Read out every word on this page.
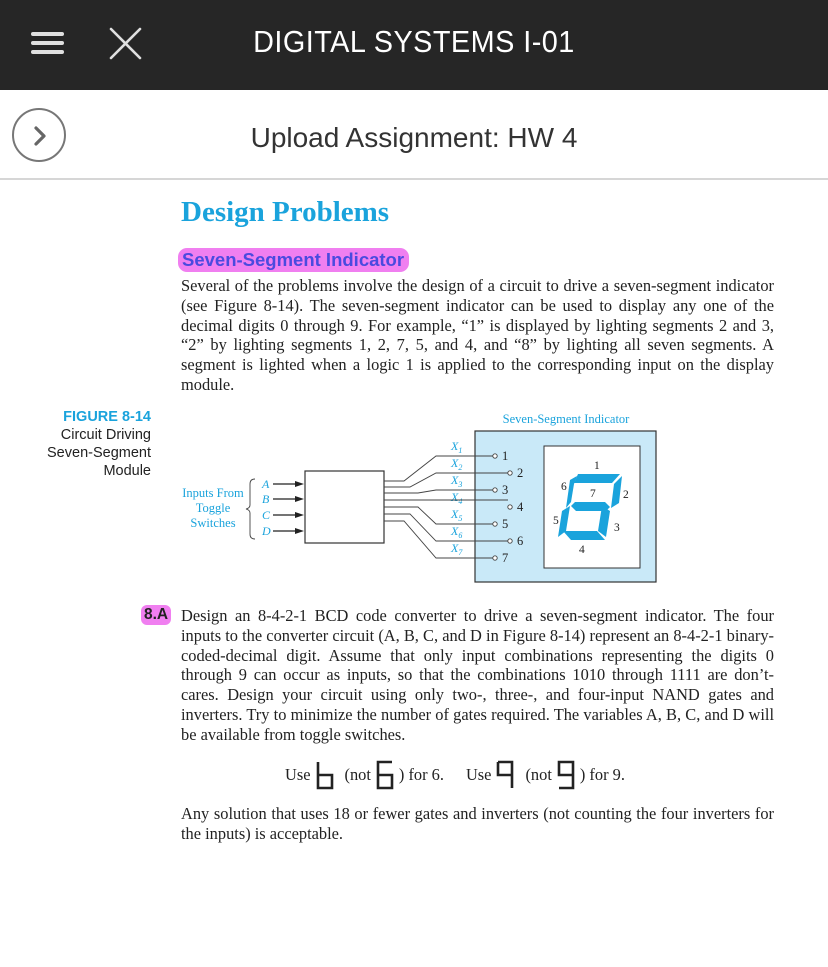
DIGITAL SYSTEMS I-01
Upload Assignment: HW 4
Design Problems
Seven-Segment Indicator
Several of the problems involve the design of a circuit to drive a seven-segment indicator (see Figure 8-14). The seven-segment indicator can be used to display any one of the decimal digits 0 through 9. For example, “1” is displayed by lighting segments 2 and 3, “2” by lighting segments 1, 2, 7, 5, and 4, and “8” by lighting all seven segments. A segment is lighted when a logic 1 is applied to the corresponding input on the display module.
FIGURE 8-14
Circuit Driving
Seven-Segment
Module
Seven-Segment Indicator
Inputs From
Toggle
Switches
A
B
C
D
$X_1$
$X_2$
$X_3$
$X_4$
$X_5$
$X_6$
$X_7$
1
2
3
4
5
6
7
1
2
3
4
5
6
7
8.A Design an 8-4-2-1 BCD code converter to drive a seven-segment indicator. The four inputs to the converter circuit (A, B, C, and D in Figure 8-14) represent an 8-4-2-1 binary-coded-decimal digit. Assume that only input combinations representing the digits 0 through 9 can occur as inputs, so that the combinations 1010 through 1111 are don’t-cares. Design your circuit using only two-, three-, and four-input NAND gates and inverters. Try to minimize the number of gates required. The variables A, B, C, and D will be available from toggle switches.
Use (not ) for 6. Use (not ) for 9.
Any solution that uses 18 or fewer gates and inverters (not counting the four inverters for the inputs) is acceptable.
